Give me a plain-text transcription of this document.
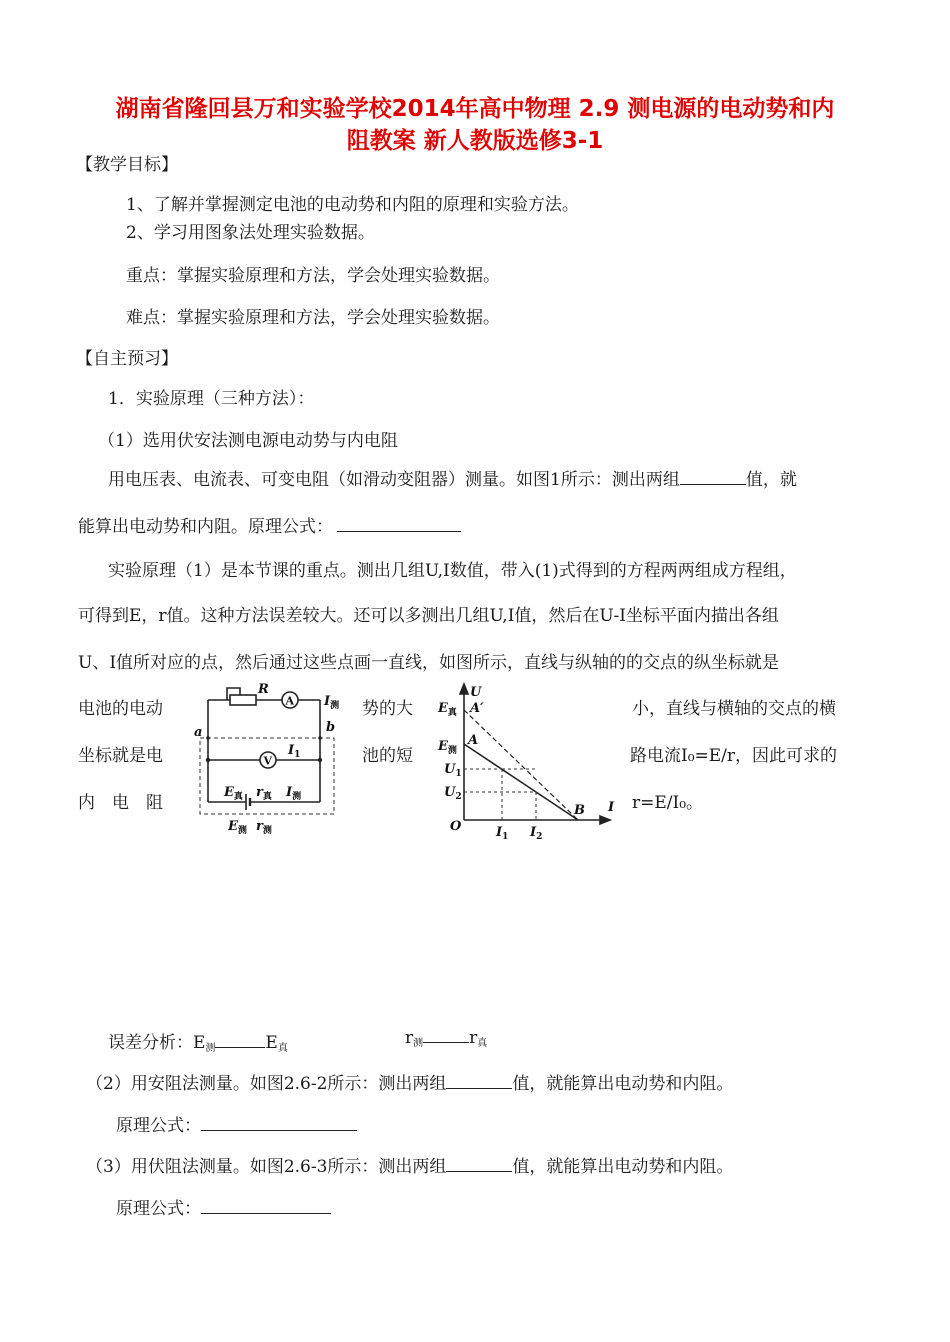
湖南省隆回县万和实验学校2014年高中物理 2.9 测电源的电动势和内
阻教案 新人教版选修3-1
【教学目标】
1、了解并掌握测定电池的电动势和内阻的原理和实验方法。
2、学习用图象法处理实验数据。
重点：掌握实验原理和方法，学会处理实验数据。
难点：掌握实验原理和方法，学会处理实验数据。
【自主预习】
1．实验原理（三种方法）：
（1）选用伏安法测电源电动势与内电阻
用电压表、电流表、可变电阻（如滑动变阻器）测量。如图1所示：测出两组	值，就
能算出电动势和内阻。原理公式：
实验原理（1）是本节课的重点。测出几组U,I数值，带入(1)式得到的方程两两组成方程组，
可得到E，r值。这种方法误差较大。还可以多测出几组U,I值，然后在U-I坐标平面内描出各组
U、I值所对应的点，然后通过这些点画一直线，如图所示，直线与纵轴的的交点的纵坐标就是
电池的电动	势的大	小，直线与横轴的交点的横
坐标就是电	池的短	路电流I₀=E/r，因此可求的
内　电　阻	r=E/I₀。
R
A
V
$I_测$
a	b
$I_1$
$E_真$ $r_真$ $I_测$
$E_测$ $r_测$
U
I
O
$E_真$ A′
$E_测$
A
$U_1$
$U_2$
B
$I_1$ $I_2$
误差分析：$E_测$	$E_真$
$r_测$	$r_真$
（2）用安阻法测量。如图2.6-2所示：测出两组	值，就能算出电动势和内阻。
原理公式：
（3）用伏阻法测量。如图2.6-3所示：测出两组	值，就能算出电动势和内阻。
原理公式：
